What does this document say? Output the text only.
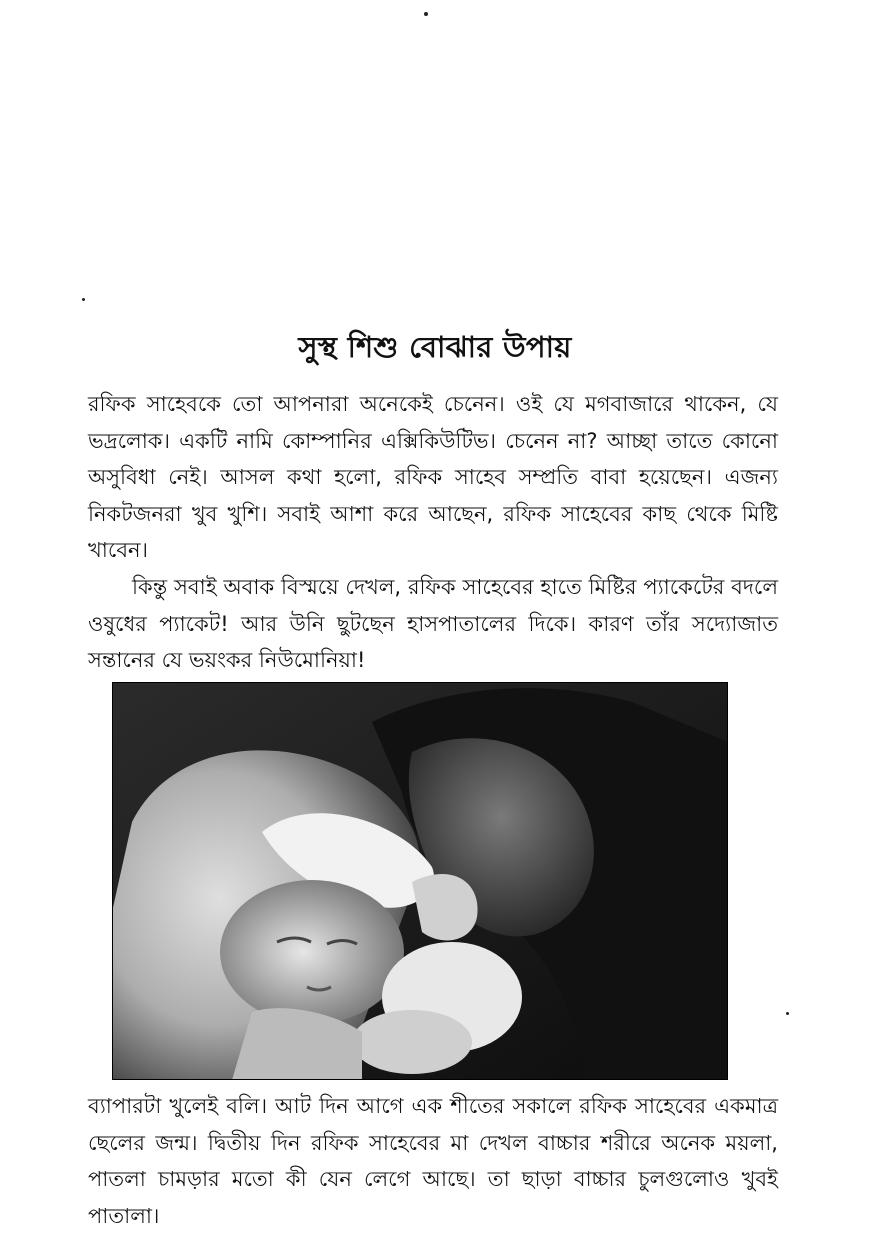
সুস্থ শিশু বোঝার উপায়

রফিক সাহেবকে তো আপনারা অনেকেই চেনেন। ওই যে মগবাজারে থাকেন, যে ভদ্রলোক। একটি নামি কোম্পানির এক্সিকিউটিভ। চেনেন না? আচ্ছা তাতে কোনো অসুবিধা নেই। আসল কথা হলো, রফিক সাহেব সম্প্রতি বাবা হয়েছেন। এজন্য নিকটজনরা খুব খুশি। সবাই আশা করে আছেন, রফিক সাহেবের কাছ থেকে মিষ্টি খাবেন।

কিন্তু সবাই অবাক বিস্ময়ে দেখল, রফিক সাহেবের হাতে মিষ্টির প্যাকেটের বদলে ওষুধের প্যাকেট! আর উনি ছুটছেন হাসপাতালের দিকে। কারণ তাঁর সদ্যোজাত সন্তানের যে ভয়ংকর নিউমোনিয়া!

ব্যাপারটা খুলেই বলি। আট দিন আগে এক শীতের সকালে রফিক সাহেবের একমাত্র ছেলের জন্ম। দ্বিতীয় দিন রফিক সাহেবের মা দেখল বাচ্চার শরীরে অনেক ময়লা, পাতলা চামড়ার মতো কী যেন লেগে আছে। তা ছাড়া বাচ্চার চুলগুলোও খুবই পাতালা।
